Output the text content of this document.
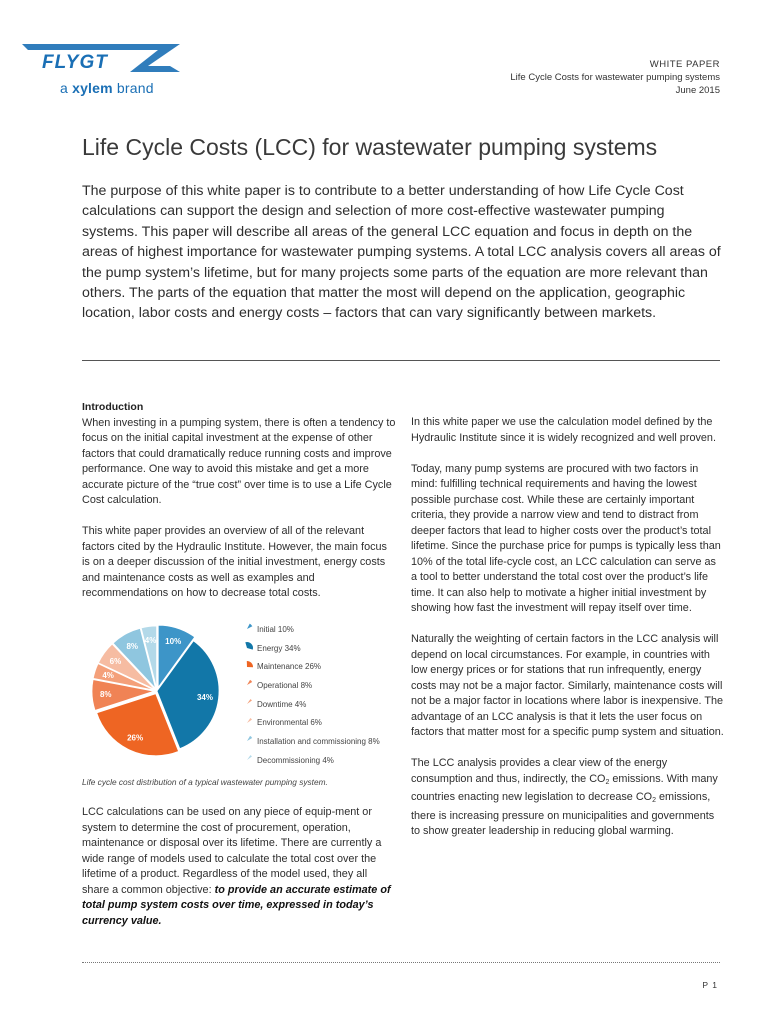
FLYGT
a xylem brand
WHITE PAPER
Life Cycle Costs for wastewater pumping systems
June 2015
Life Cycle Costs (LCC) for wastewater pumping systems

The purpose of this white paper is to contribute to a better understanding of how Life Cycle Cost calculations can support the design and selection of more cost-effective wastewater pumping systems. This paper will describe all areas of the general LCC equation and focus in depth on the areas of highest importance for wastewater pumping systems. A total LCC analysis covers all areas of the pump system’s lifetime, but for many projects some parts of the equation are more relevant than others. The parts of the equation that matter the most will depend on the application, geographic location, labor costs and energy costs – factors that can vary significantly between markets.

Introduction

When investing in a pumping system, there is often a tendency to focus on the initial capital investment at the expense of other factors that could dramatically reduce running costs and improve performance. One way to avoid this mistake and get a more accurate picture of the “true cost” over time is to use a Life Cycle Cost calculation.

This white paper provides an overview of all of the relevant factors cited by the Hydraulic Institute. However, the main focus is on a deeper discussion of the initial investment, energy costs and maintenance costs as well as examples and recommendations on how to decrease total costs.

10%
34%
26%
8%
4%
6%
8%
4%
Initial 10%
Energy 34%
Maintenance 26%
Operational 8%
Downtime 4%
Environmental 6%
Installation and commissioning 8%
Decommissioning 4%
Life cycle cost distribution of a typical wastewater pumping system.

LCC calculations can be used on any piece of equip-ment or system to determine the cost of procurement, operation, maintenance or disposal over its lifetime. There are currently a wide range of models used to calculate the total cost over the lifetime of a product. Regardless of the model used, they all share a common objective: to provide an accurate estimate of total pump system costs over time, expressed in today’s currency value.

In this white paper we use the calculation model defined by the Hydraulic Institute since it is widely recognized and well proven.

Today, many pump systems are procured with two factors in mind: fulfilling technical requirements and having the lowest possible purchase cost. While these are certainly important criteria, they provide a narrow view and tend to distract from deeper factors that lead to higher costs over the product’s total lifetime. Since the purchase price for pumps is typically less than 10% of the total life-cycle cost, an LCC calculation can serve as a tool to better understand the total cost over the product’s life time. It can also help to motivate a higher initial investment by showing how fast the investment will repay itself over time.

Naturally the weighting of certain factors in the LCC analysis will depend on local circumstances. For example, in countries with low energy prices or for stations that run infrequently, energy costs may not be a major factor. Similarly, maintenance costs will not be a major factor in locations where labor is inexpensive. The advantage of an LCC analysis is that it lets the user focus on factors that matter most for a specific pump system and situation.

The LCC analysis provides a clear view of the energy consumption and thus, indirectly, the $CO_2$ emissions. With many countries enacting new legislation to decrease $CO_2$ emissions, there is increasing pressure on municipalities and governments to show greater leadership in reducing global warming.

P 1
